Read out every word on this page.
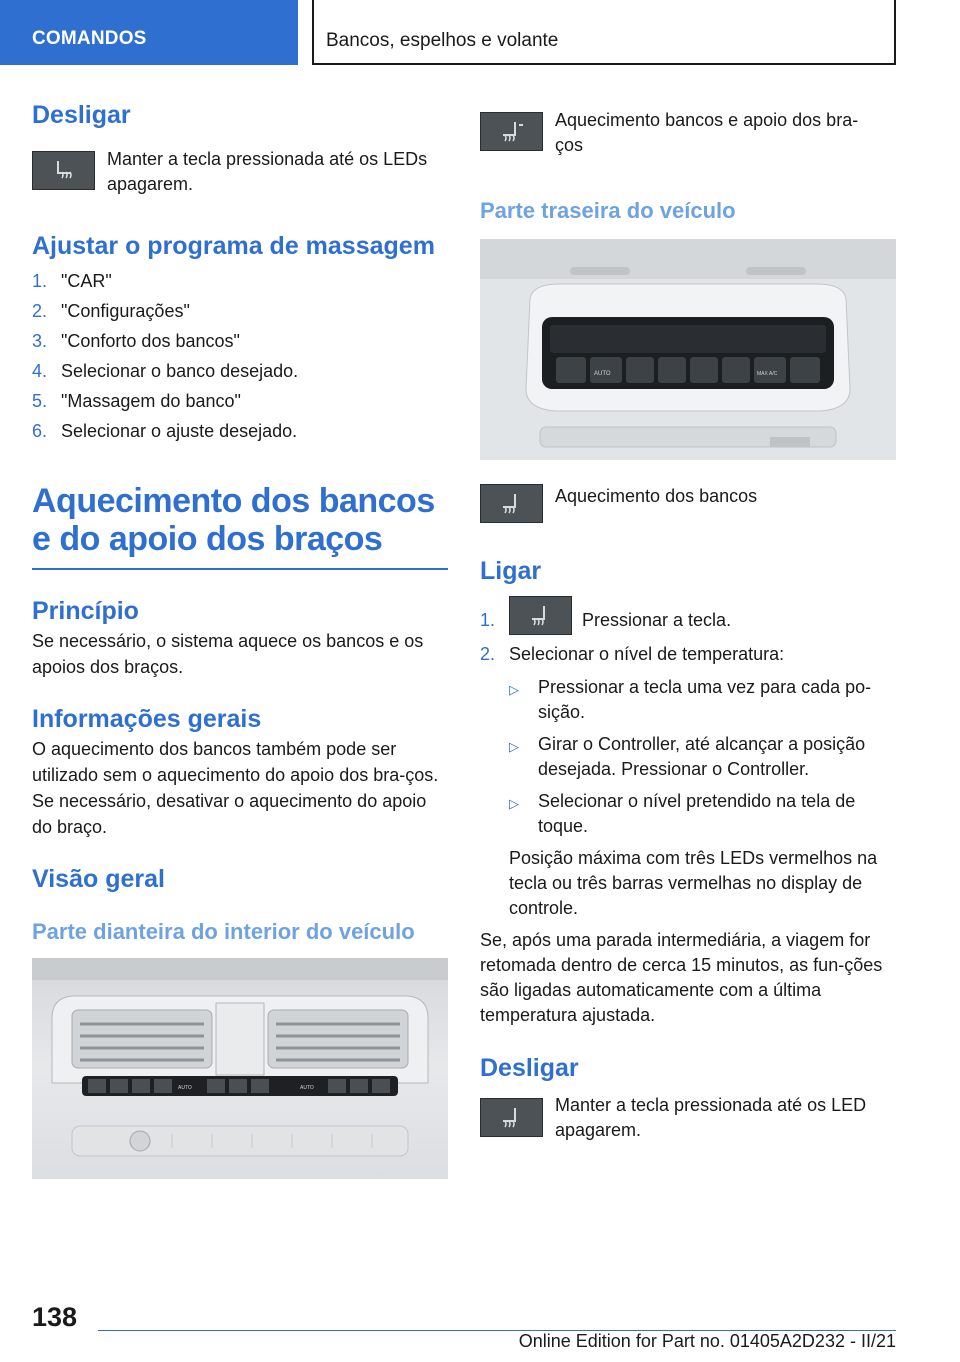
COMANDOS	Bancos, espelhos e volante
Desligar
Manter a tecla pressionada até os LEDs apagarem.
Ajustar o programa de massagem
1. "CAR"
2. "Configurações"
3. "Conforto dos bancos"
4. Selecionar o banco desejado.
5. "Massagem do banco"
6. Selecionar o ajuste desejado.
Aquecimento dos bancos e do apoio dos braços
Princípio
Se necessário, o sistema aquece os bancos e os apoios dos braços.
Informações gerais
O aquecimento dos bancos também pode ser utilizado sem o aquecimento do apoio dos bra-ços. Se necessário, desativar o aquecimento do apoio do braço.
Visão geral
Parte dianteira do interior do veículo
AUTO	AUTO
Aquecimento bancos e apoio dos bra-ços
Parte traseira do veículo
AUTO	MAX A/C
Aquecimento dos bancos
Ligar
1.	Pressionar a tecla.
2. Selecionar o nível de temperatura:
▷	Pressionar a tecla uma vez para cada po-sição.
▷	Girar o Controller, até alcançar a posição desejada. Pressionar o Controller.
▷	Selecionar o nível pretendido na tela de toque.
Posição máxima com três LEDs vermelhos na tecla ou três barras vermelhas no display de controle.
Se, após uma parada intermediária, a viagem for retomada dentro de cerca 15 minutos, as fun-ções são ligadas automaticamente com a última temperatura ajustada.
Desligar
Manter a tecla pressionada até os LED apagarem.
138
Online Edition for Part no. 01405A2D232 - II/21
